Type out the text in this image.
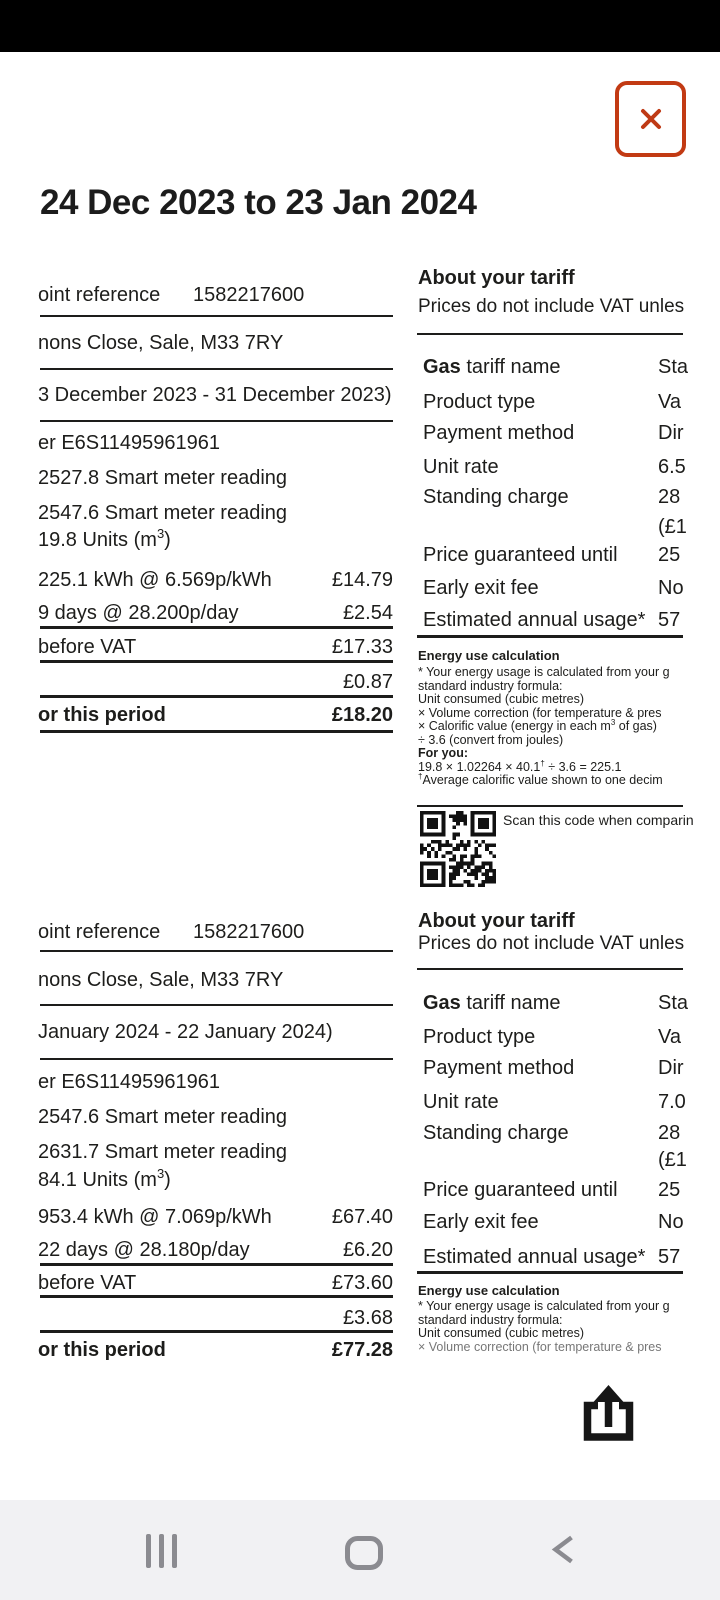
24 Dec 2023 to 23 Jan 2024
oint reference 1582217600
nons Close, Sale, M33 7RY
3 December 2023 - 31 December 2023)
er E6S11495961961
2527.8 Smart meter reading
2547.6 Smart meter reading
19.8 Units $(m^3)$
225.1 kWh @ 6.569p/kWh	£14.79
9 days @ 28.200p/day	£2.54
before VAT	£17.33
£0.87
or this period	£18.20
About your tariff
Prices do not include VAT unles
Gas tariff name	Sta
Product type	Va
Payment method	Dir
Unit rate	6.5
Standing charge	28
(£1
Price guaranteed until 25
Early exit fee	No
Estimated annual usage* 57
Energy use calculation
* Your energy usage is calculated from your g
standard industry formula:
Unit consumed (cubic metres)
× Volume correction (for temperature & pres
× Calorific value (energy in each $m^3$ of gas)
÷ 3.6 (convert from joules)
For you:
19.8 × 1.02264 × 40.1† ÷ 3.6 = 225.1
†Average calorific value shown to one decim
Scan this code when comparin
oint reference 1582217600
nons Close, Sale, M33 7RY
January 2024 - 22 January 2024)
er E6S11495961961
2547.6 Smart meter reading
2631.7 Smart meter reading
84.1 Units $(m^3)$
953.4 kWh @ 7.069p/kWh	£67.40
22 days @ 28.180p/day	£6.20
before VAT	£73.60
£3.68
or this period	£77.28
About your tariff
Prices do not include VAT unles
Gas tariff name	Sta
Product type	Va
Payment method	Dir
Unit rate	7.0
Standing charge	28
(£1
Price guaranteed until 25
Early exit fee	No
Estimated annual usage* 57
Energy use calculation
* Your energy usage is calculated from your g
standard industry formula:
Unit consumed (cubic metres)
× Volume correction (for temperature & pres
